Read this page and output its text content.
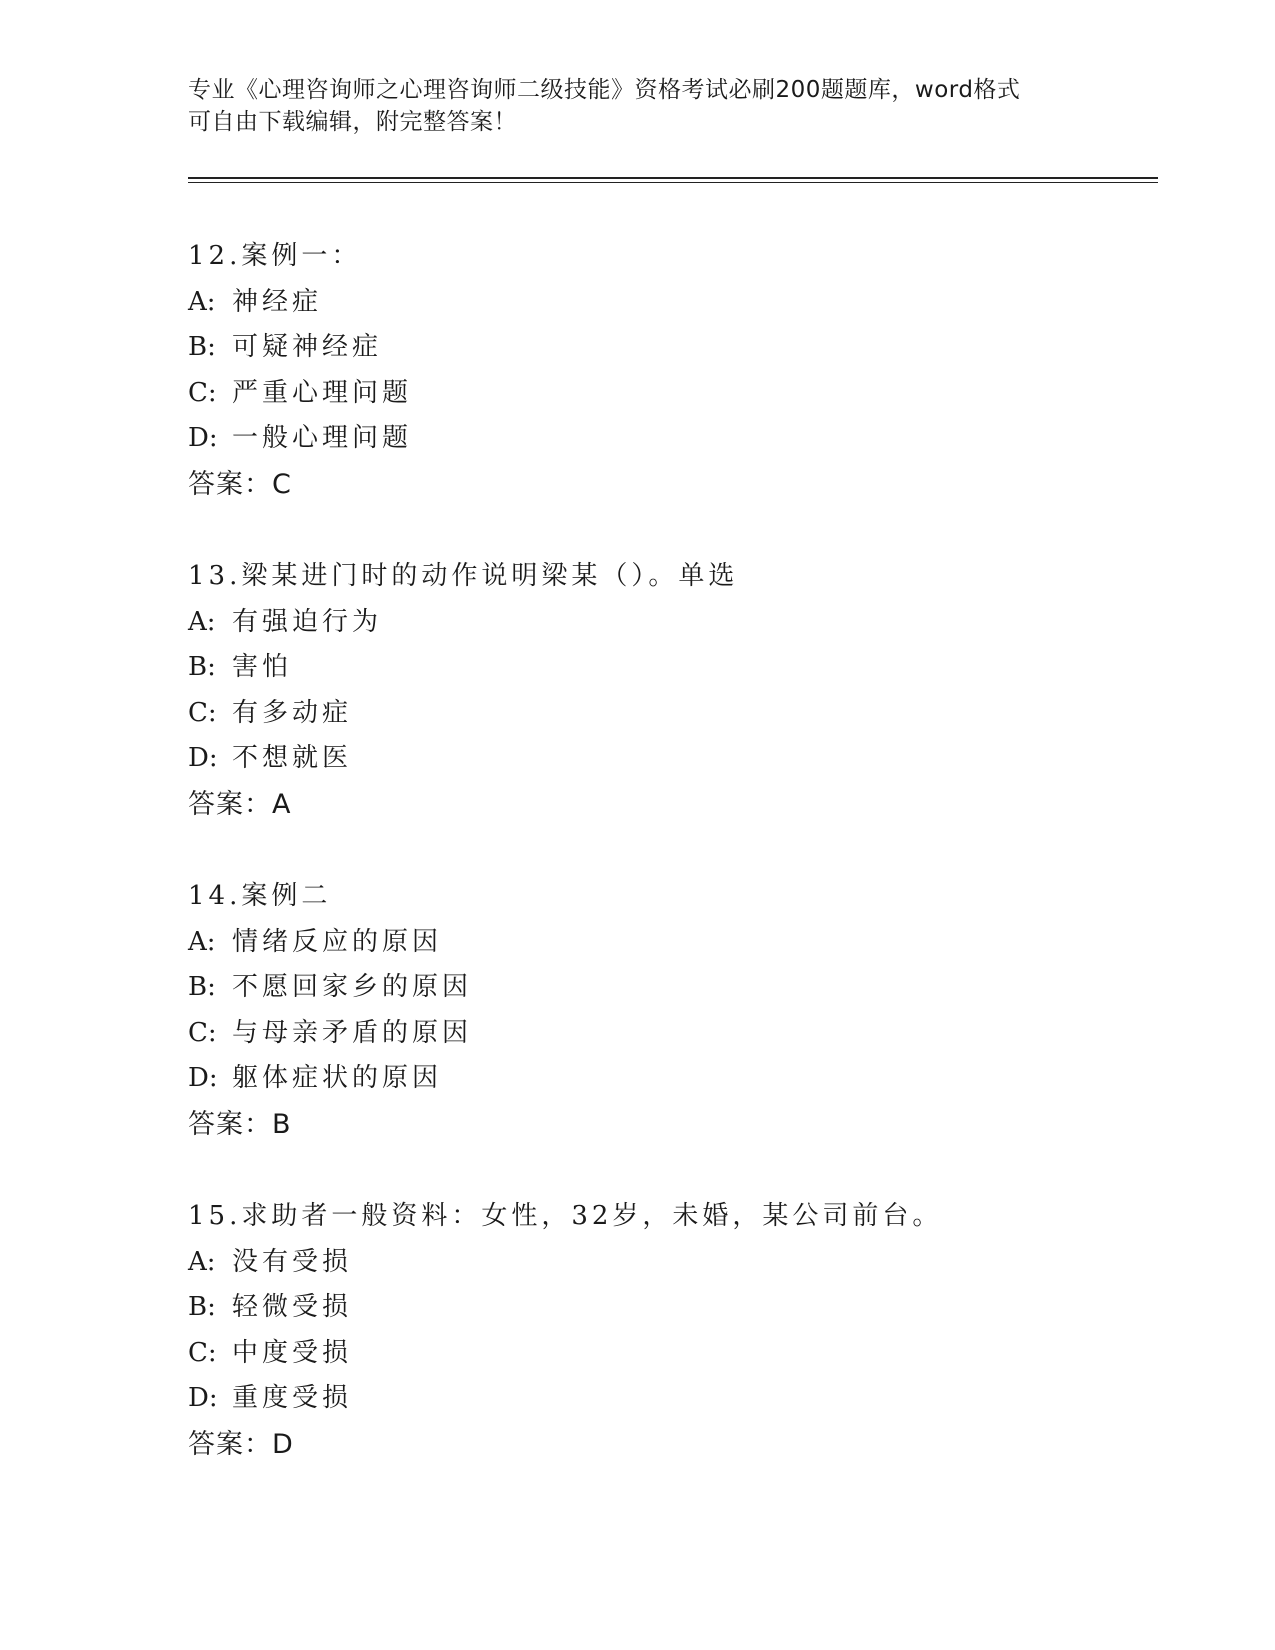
专业《心理咨询师之心理咨询师二级技能》资格考试必刷200题题库，word格式
可自由下载编辑，附完整答案！
12.案例一：
A: 神经症
B: 可疑神经症
C: 严重心理问题
D: 一般心理问题
答案：C
13.梁某进门时的动作说明梁某（）。单选
A: 有强迫行为
B: 害怕
C: 有多动症
D: 不想就医
答案：A
14.案例二
A: 情绪反应的原因
B: 不愿回家乡的原因
C: 与母亲矛盾的原因
D: 躯体症状的原因
答案：B
15.求助者一般资料：女性，32岁，未婚，某公司前台。
A: 没有受损
B: 轻微受损
C: 中度受损
D: 重度受损
答案：D
